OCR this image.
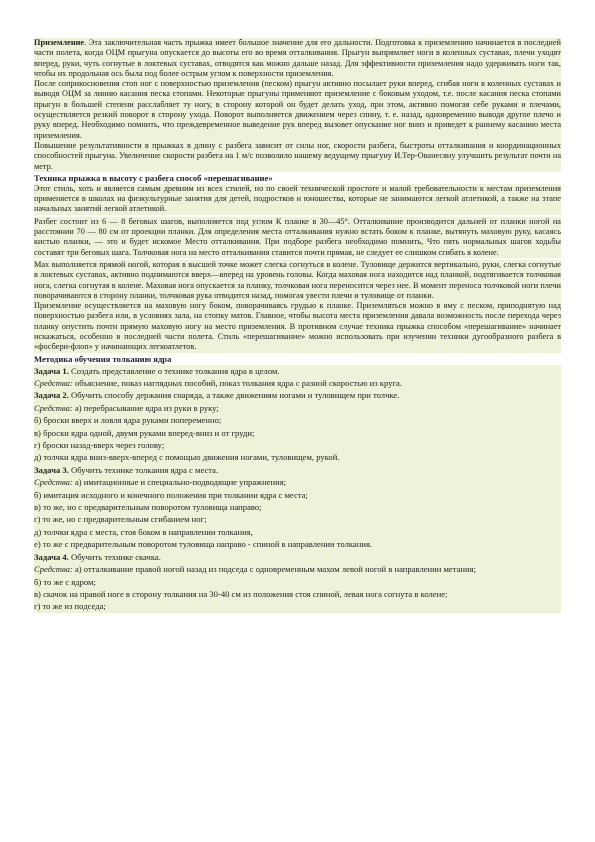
Приземление. Эта заключительная часть прыжка имеет большое значение для его дальности. Подготовка к приземлению начинается в последней части полета, когда ОЦМ прыгуна опускается до высоты его во время отталкивания. Прыгун выпрямляет ноги в коленных суставах, плечи уходят вперед, руки, чуть согнутые в локтевых суставах, отводятся как можно дальше назад. Для эффективности приземления надо удерживать ноги так, чтобы их продольная ось была под более острым углом к поверхности приземления.

После соприкосновения стоп ног с поверхностью приземления (песком) прыгун активно посылает руки вперед, сгибая ноги в коленных суставах и выводя ОЦМ за линию касания песка стопами. Некоторые прыгуны применяют приземление с боковым уходом, т.е. после касания песка стопами прыгун в большей степени расслабляет ту ногу, в сторону которой он будет делать уход, при этом, активно помогая себе руками и плечами, осуществляется резкий поворот в сторону ухода. Поворот выполняется движением через спину, т. е. назад, одновременно выводя другое плечо и руку вперед. Необходимо помнить, что преждевременное выведение рук вперед вызовет опускание ног вниз и приведет к раннему касанию места приземления.

Повышение результативности в прыжках в длину с разбега зависит от силы ног, скорости разбега, быстроты отталкивания и координационных способностей прыгуна. Увеличение скорости разбега на 1 м/с позволило нашему ведущему прыгуну И.Тер-Ованесяну улучшить результат почти на метр.

Техника прыжка в высоту с разбега способ «перешагивание»

Этот стиль, хоть и является самым древним из всех стилей, но по своей технической простоте и малой требовательности к местам приземления применяется в школах на физкультурные занятия для детей, подростков и юношества, которые не занимаются легкой атлетикой, а также на этапе начальных занятий легкой атлетикой.

Разбег состоит из 6 — 8 беговых шагов, выполняется под углом К планке в 30—45°. Отталкивание производится дальней от планки ногой на расстоянии 70 — 80 см от проекции планки. Для определения места отталкивания нужно встать боком к планке, вытянуть маховую руку, касаясь кистью планки, — это и будет искомое Место отталкивания. При подборе разбега необходимо помнить, Что пять нормальных шагов ходьбы составят три беговых шага. Толчковая нога на место отталкивания ставится почти прямая, не следует ее слишком сгибать в колене.

Мах выполняется прямой ногой, которая в высшей точке может слегка согнуться в колене. Туловище держится вертикально, руки, слегка согнутые в локтевых суставах, активно поднимаются вверх—вперед на уровень головы. Когда маховая нога находится над планкой, подтягивается толчковая нога, слегка согнутая в колене. Маховая нога опускается за планку, толчковая нога переносится через нее. В момент переноса толчковой ноги плечи поворачиваются в сторону планки, толчковая рука отводится назад, помогая увести плечи и туловище от планки.

Приземление осуществляется на маховую ногу боком, поворачиваясь грудью к планке. Приземляться можно в яму с песком, приподнятую над поверхностью разбега или, в условиях зала, на стопку матов. Главное, чтобы высота места приземления давала возможность после перехода через планку опустить почти прямую маховую ногу на место приземления. В противном случае техника прыжка способом «перешагивание» начинает искажаться, особенно в последней части полета. Стиль «перешагивание» можно использовать при изучении техники дугообразного разбега в «фосбери-флоп» у начинающих легкоатлетов.

Методика обучения толканию ядра

Задача 1. Создать представление о технике толкания ядра в целом.

Средства: объяснение, показ наглядных пособий, показ толкания ядра с разной скоростью из круга.

Задача 2. Обучить способу держания снаряда, а также движениям ногами и туловищем при толчке.

Средства: а) перебрасывание ядра из руки в руку;

б) броски вверх и ловля ядра руками попеременно;

в) броски ядра одной, двумя руками вперед-вниз и от груди;

г) броски назад-вверх через голову;

д) толчки ядра вниз-вверх-вперед с помощью движения ногами, туловищем, рукой.

Задача 3. Обучить технике толкания ядра с места.

Средства: а) имитационные и специально-подводящие упражнения;

б) имитация исходного и конечного положения при толкании ядра с места;

в) то же, но с предварительным поворотом туловища направо;

г) то же, но с предварительным сгибанием ног;

д) толчки ядра с места, стоя боком в направлении толкания,

е) то же с предварительным поворотом туловища направо - спиной в направлении толкания.

Задача 4. Обучить технике скачка.

Средства: а) отталкивание правой ногой назад из подседа с одновременным махом левой ногой в направлении метания;

б) то же с ядром;

в) скачок на правой ноге в сторону толкания на 30-40 см из положения стоя спиной, левая нога согнута в колене;

г) то же из подседа;
